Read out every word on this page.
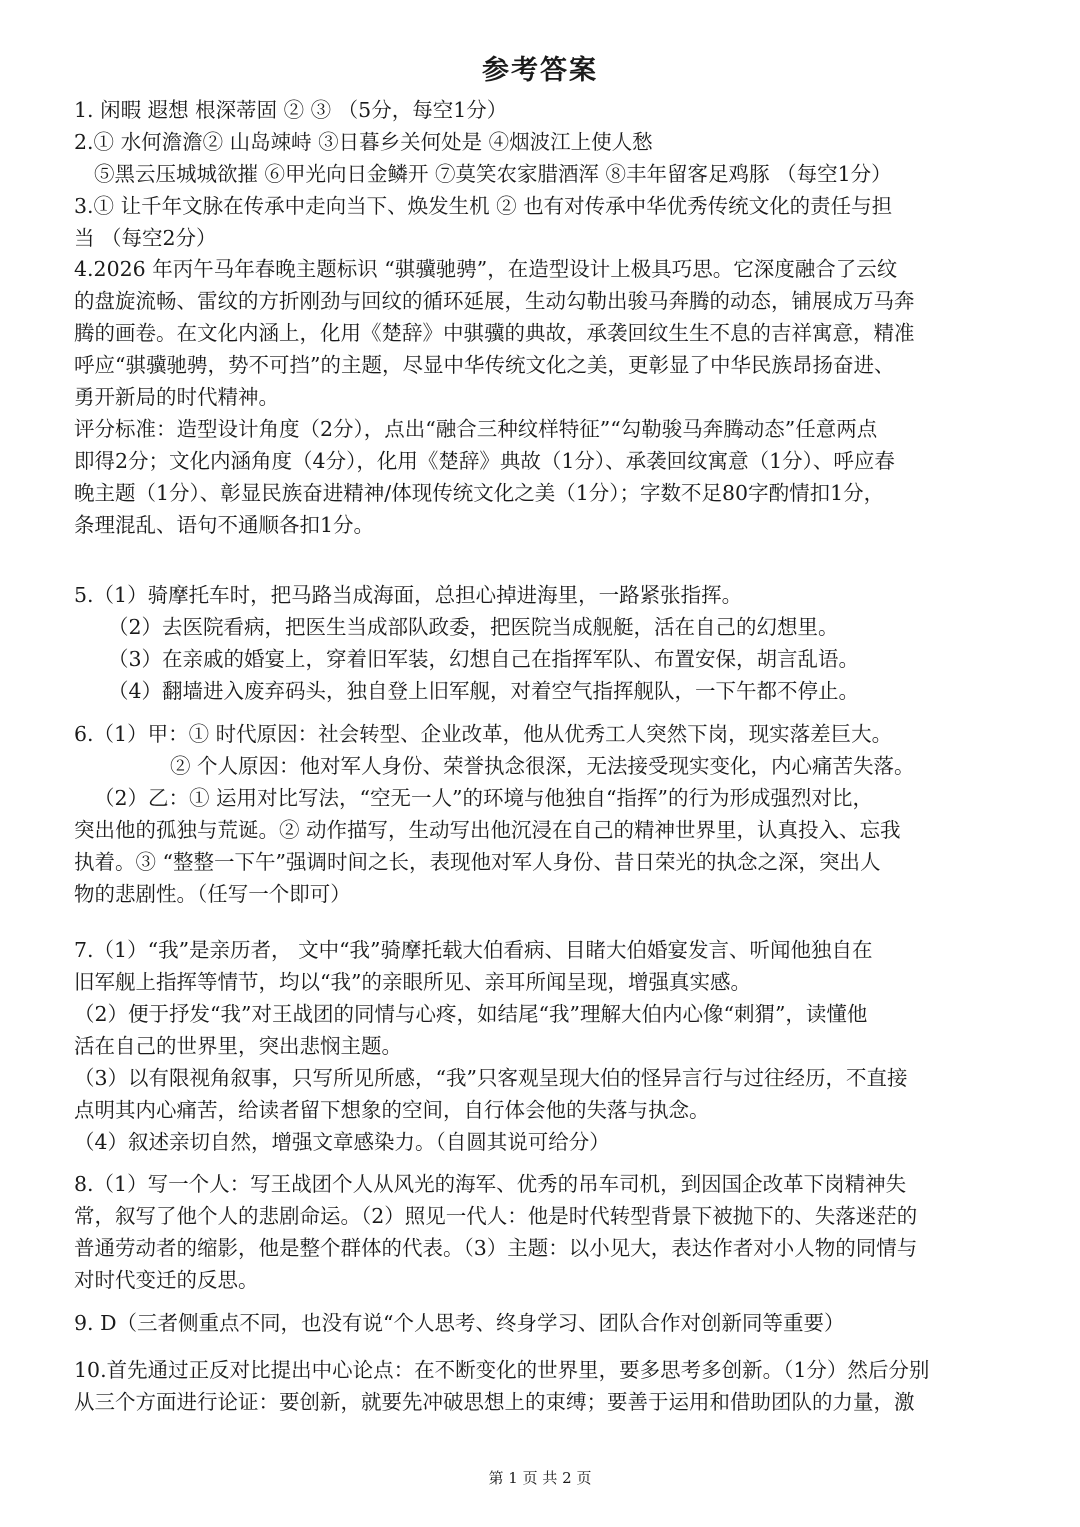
参考答案
1. 闲暇 遐想 根深蒂固 ② ③ （5分，每空1分）
2.① 水何澹澹② 山岛竦峙 ③日暮乡关何处是 ④烟波江上使人愁
⑤黑云压城城欲摧 ⑥甲光向日金鳞开 ⑦莫笑农家腊酒浑 ⑧丰年留客足鸡豚 （每空1分）
3.① 让千年文脉在传承中走向当下、焕发生机 ② 也有对传承中华优秀传统文化的责任与担
当 （每空2分）
4.2026 年丙午马年春晚主题标识 “骐骥驰骋”，在造型设计上极具巧思。它深度融合了云纹
的盘旋流畅、雷纹的方折刚劲与回纹的循环延展，生动勾勒出骏马奔腾的动态，铺展成万马奔
腾的画卷。在文化内涵上，化用《楚辞》中骐骥的典故，承袭回纹生生不息的吉祥寓意，精准
呼应“骐骥驰骋，势不可挡”的主题，尽显中华传统文化之美，更彰显了中华民族昂扬奋进、
勇开新局的时代精神。
评分标准：造型设计角度（2分），点出“融合三种纹样特征”“勾勒骏马奔腾动态”任意两点
即得2分；文化内涵角度（4分），化用《楚辞》典故（1分）、承袭回纹寓意（1分）、呼应春
晚主题（1分）、彰显民族奋进精神/体现传统文化之美（1分）；字数不足80字酌情扣1分，
条理混乱、语句不通顺各扣1分。
5.（1）骑摩托车时，把马路当成海面，总担心掉进海里，一路紧张指挥。
（2）去医院看病，把医生当成部队政委，把医院当成舰艇，活在自己的幻想里。
（3）在亲戚的婚宴上，穿着旧军装，幻想自己在指挥军队、布置安保，胡言乱语。
（4）翻墙进入废弃码头，独自登上旧军舰，对着空气指挥舰队，一下午都不停止。
6.（1）甲：① 时代原因：社会转型、企业改革，他从优秀工人突然下岗，现实落差巨大。
② 个人原因：他对军人身份、荣誉执念很深，无法接受现实变化，内心痛苦失落。
（2）乙：① 运用对比写法，“空无一人”的环境与他独自“指挥”的行为形成强烈对比，
突出他的孤独与荒诞。② 动作描写，生动写出他沉浸在自己的精神世界里，认真投入、忘我
执着。③ “整整一下午”强调时间之长，表现他对军人身份、昔日荣光的执念之深，突出人
物的悲剧性。（任写一个即可）
7.（1）“我”是亲历者， 文中“我”骑摩托载大伯看病、目睹大伯婚宴发言、听闻他独自在
旧军舰上指挥等情节，均以“我”的亲眼所见、亲耳所闻呈现，增强真实感。
（2）便于抒发“我”对王战团的同情与心疼，如结尾“我”理解大伯内心像“刺猬”，读懂他
活在自己的世界里，突出悲悯主题。
（3）以有限视角叙事，只写所见所感，“我”只客观呈现大伯的怪异言行与过往经历，不直接
点明其内心痛苦，给读者留下想象的空间，自行体会他的失落与执念。
（4）叙述亲切自然，增强文章感染力。（自圆其说可给分）
8.（1）写一个人：写王战团个人从风光的海军、优秀的吊车司机，到因国企改革下岗精神失
常，叙写了他个人的悲剧命运。（2）照见一代人：他是时代转型背景下被抛下的、失落迷茫的
普通劳动者的缩影，他是整个群体的代表。（3）主题：以小见大，表达作者对小人物的同情与
对时代变迁的反思。
9. D（三者侧重点不同，也没有说“个人思考、终身学习、团队合作对创新同等重要）
10.首先通过正反对比提出中心论点：在不断变化的世界里，要多思考多创新。（1分）然后分别
从三个方面进行论证：要创新，就要先冲破思想上的束缚；要善于运用和借助团队的力量，激
第 1 页 共 2 页
